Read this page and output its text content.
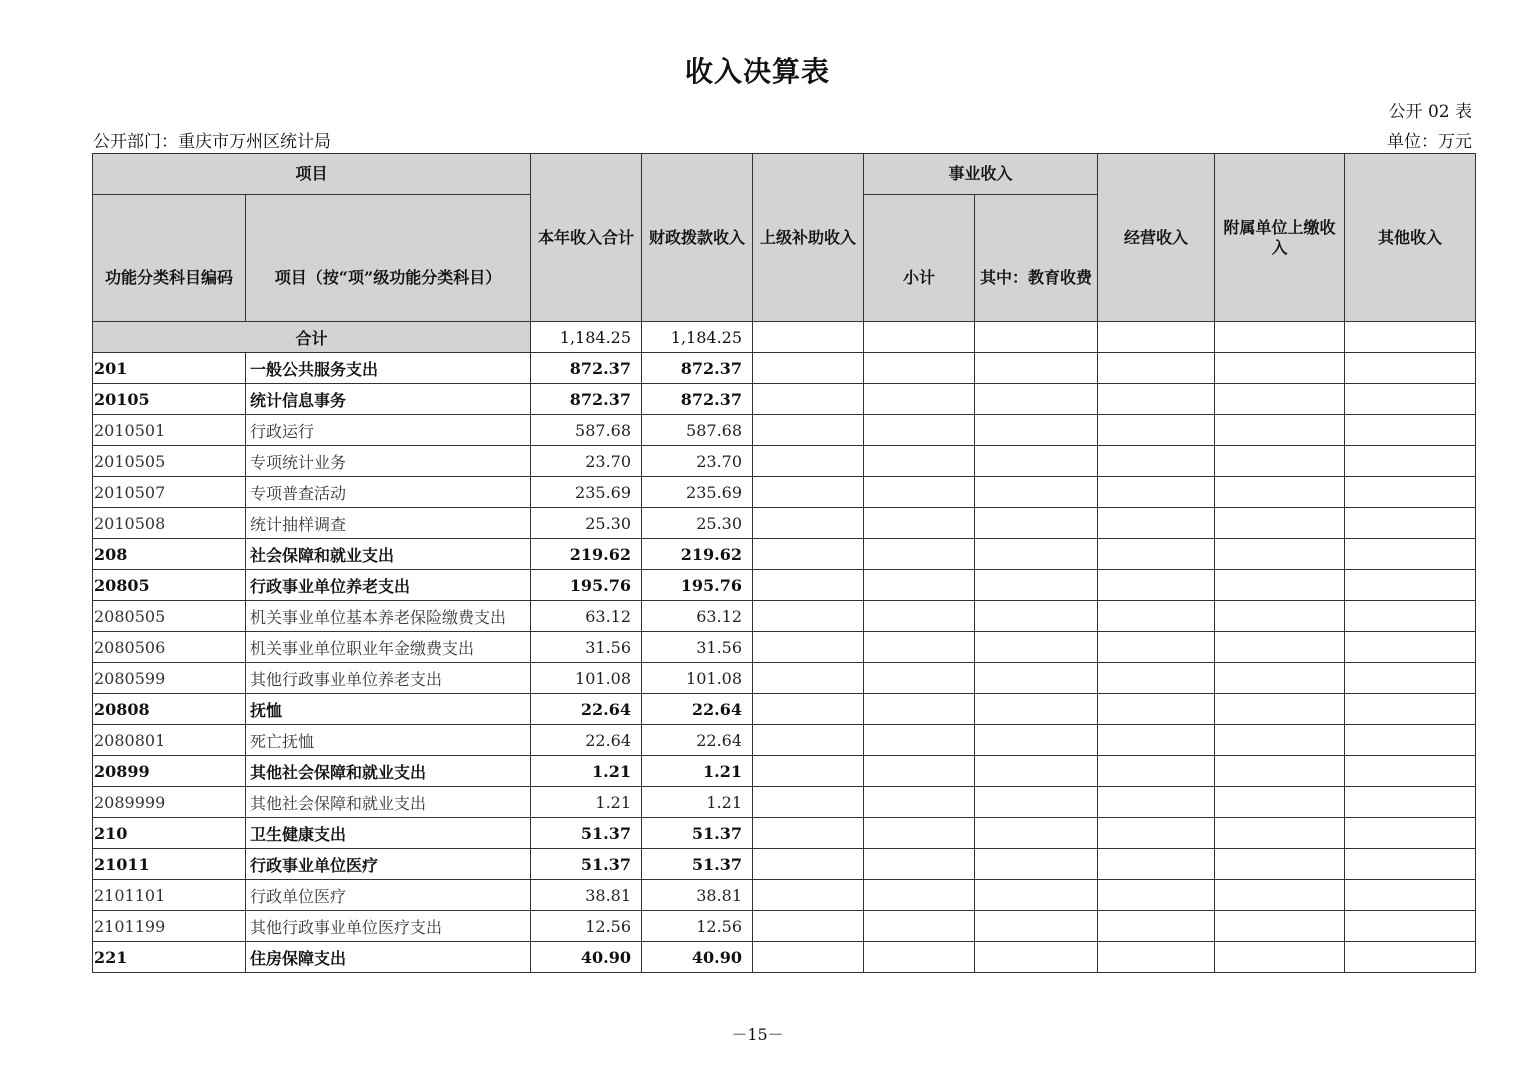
收入决算表
公开 02 表
公开部门：重庆市万州区统计局	单位：万元
项目		本年收入合计	财政拨款收入	上级补助收入	事业收入		经营收入	附属单位上缴收入	其他收入
功能分类科目编码	项目（按“项”级功能分类科目）				小计	其中：教育收费			
合计		1,184.25	1,184.25						
201	一般公共服务支出	872.37	872.37						
20105	统计信息事务	872.37	872.37						
2010501	行政运行	587.68	587.68						
2010505	专项统计业务	23.70	23.70						
2010507	专项普查活动	235.69	235.69						
2010508	统计抽样调查	25.30	25.30						
208	社会保障和就业支出	219.62	219.62						
20805	行政事业单位养老支出	195.76	195.76						
2080505	机关事业单位基本养老保险缴费支出	63.12	63.12						
2080506	机关事业单位职业年金缴费支出	31.56	31.56						
2080599	其他行政事业单位养老支出	101.08	101.08						
20808	抚恤	22.64	22.64						
2080801	死亡抚恤	22.64	22.64						
20899	其他社会保障和就业支出	1.21	1.21						
2089999	其他社会保障和就业支出	1.21	1.21						
210	卫生健康支出	51.37	51.37						
21011	行政事业单位医疗	51.37	51.37						
2101101	行政单位医疗	38.81	38.81						
2101199	其他行政事业单位医疗支出	12.56	12.56						
221	住房保障支出	40.90	40.90						
－15－
